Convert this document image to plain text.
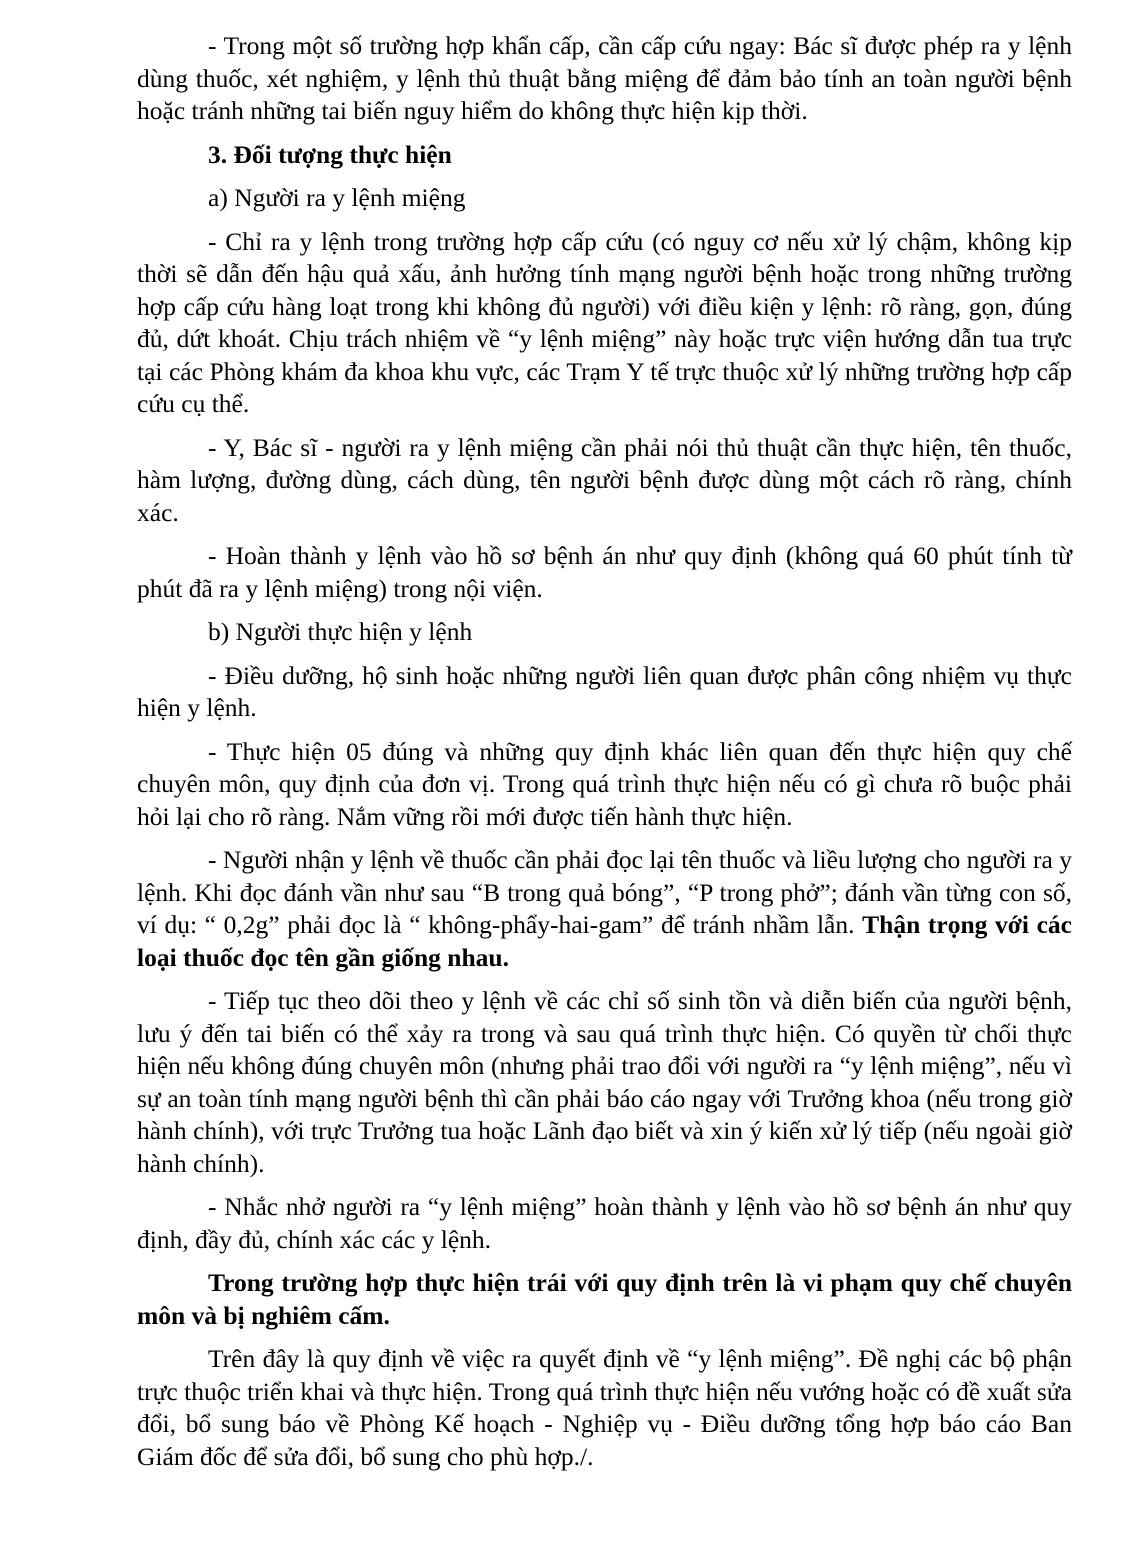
- Trong một số trường hợp khẩn cấp, cần cấp cứu ngay: Bác sĩ được phép ra y lệnh dùng thuốc, xét nghiệm, y lệnh thủ thuật bằng miệng để đảm bảo tính an toàn người bệnh hoặc tránh những tai biến nguy hiểm do không thực hiện kịp thời.

3. Đối tượng thực hiện

a) Người ra y lệnh miệng

- Chỉ ra y lệnh trong trường hợp cấp cứu (có nguy cơ nếu xử lý chậm, không kịp thời sẽ dẫn đến hậu quả xấu, ảnh hưởng tính mạng người bệnh hoặc trong những trường hợp cấp cứu hàng loạt trong khi không đủ người) với điều kiện y lệnh: rõ ràng, gọn, đúng đủ, dứt khoát. Chịu trách nhiệm về “y lệnh miệng” này hoặc trực viện hướng dẫn tua trực tại các Phòng khám đa khoa khu vực, các Trạm Y tế trực thuộc xử lý những trường hợp cấp cứu cụ thể.

- Y, Bác sĩ - người ra y lệnh miệng cần phải nói thủ thuật cần thực hiện, tên thuốc, hàm lượng, đường dùng, cách dùng, tên người bệnh được dùng một cách rõ ràng, chính xác.

- Hoàn thành y lệnh vào hồ sơ bệnh án như quy định (không quá 60 phút tính từ phút đã ra y lệnh miệng) trong nội viện.

b) Người thực hiện y lệnh

- Điều dưỡng, hộ sinh hoặc những người liên quan được phân công nhiệm vụ thực hiện y lệnh.

- Thực hiện 05 đúng và những quy định khác liên quan đến thực hiện quy chế chuyên môn, quy định của đơn vị. Trong quá trình thực hiện nếu có gì chưa rõ buộc phải hỏi lại cho rõ ràng. Nắm vững rồi mới được tiến hành thực hiện.

- Người nhận y lệnh về thuốc cần phải đọc lại tên thuốc và liều lượng cho người ra y lệnh. Khi đọc đánh vần như sau “B trong quả bóng”, “P trong phở”; đánh vần từng con số, ví dụ: “ 0,2g” phải đọc là “ không-phẩy-hai-gam” để tránh nhầm lẫn. Thận trọng với các loại thuốc đọc tên gần giống nhau.

- Tiếp tục theo dõi theo y lệnh về các chỉ số sinh tồn và diễn biến của người bệnh, lưu ý đến tai biến có thể xảy ra trong và sau quá trình thực hiện. Có quyền từ chối thực hiện nếu không đúng chuyên môn (nhưng phải trao đổi với người ra “y lệnh miệng”, nếu vì sự an toàn tính mạng người bệnh thì cần phải báo cáo ngay với Trưởng khoa (nếu trong giờ hành chính), với trực Trưởng tua hoặc Lãnh đạo biết và xin ý kiến xử lý tiếp (nếu ngoài giờ hành chính).

- Nhắc nhở người ra “y lệnh miệng” hoàn thành y lệnh vào hồ sơ bệnh án như quy định, đầy đủ, chính xác các y lệnh.

Trong trường hợp thực hiện trái với quy định trên là vi phạm quy chế chuyên môn và bị nghiêm cấm.

Trên đây là quy định về việc ra quyết định về “y lệnh miệng”. Đề nghị các bộ phận trực thuộc triển khai và thực hiện. Trong quá trình thực hiện nếu vướng hoặc có đề xuất sửa đổi, bổ sung báo về Phòng Kế hoạch - Nghiệp vụ - Điều dưỡng tổng hợp báo cáo Ban Giám đốc để sửa đổi, bổ sung cho phù hợp./.
